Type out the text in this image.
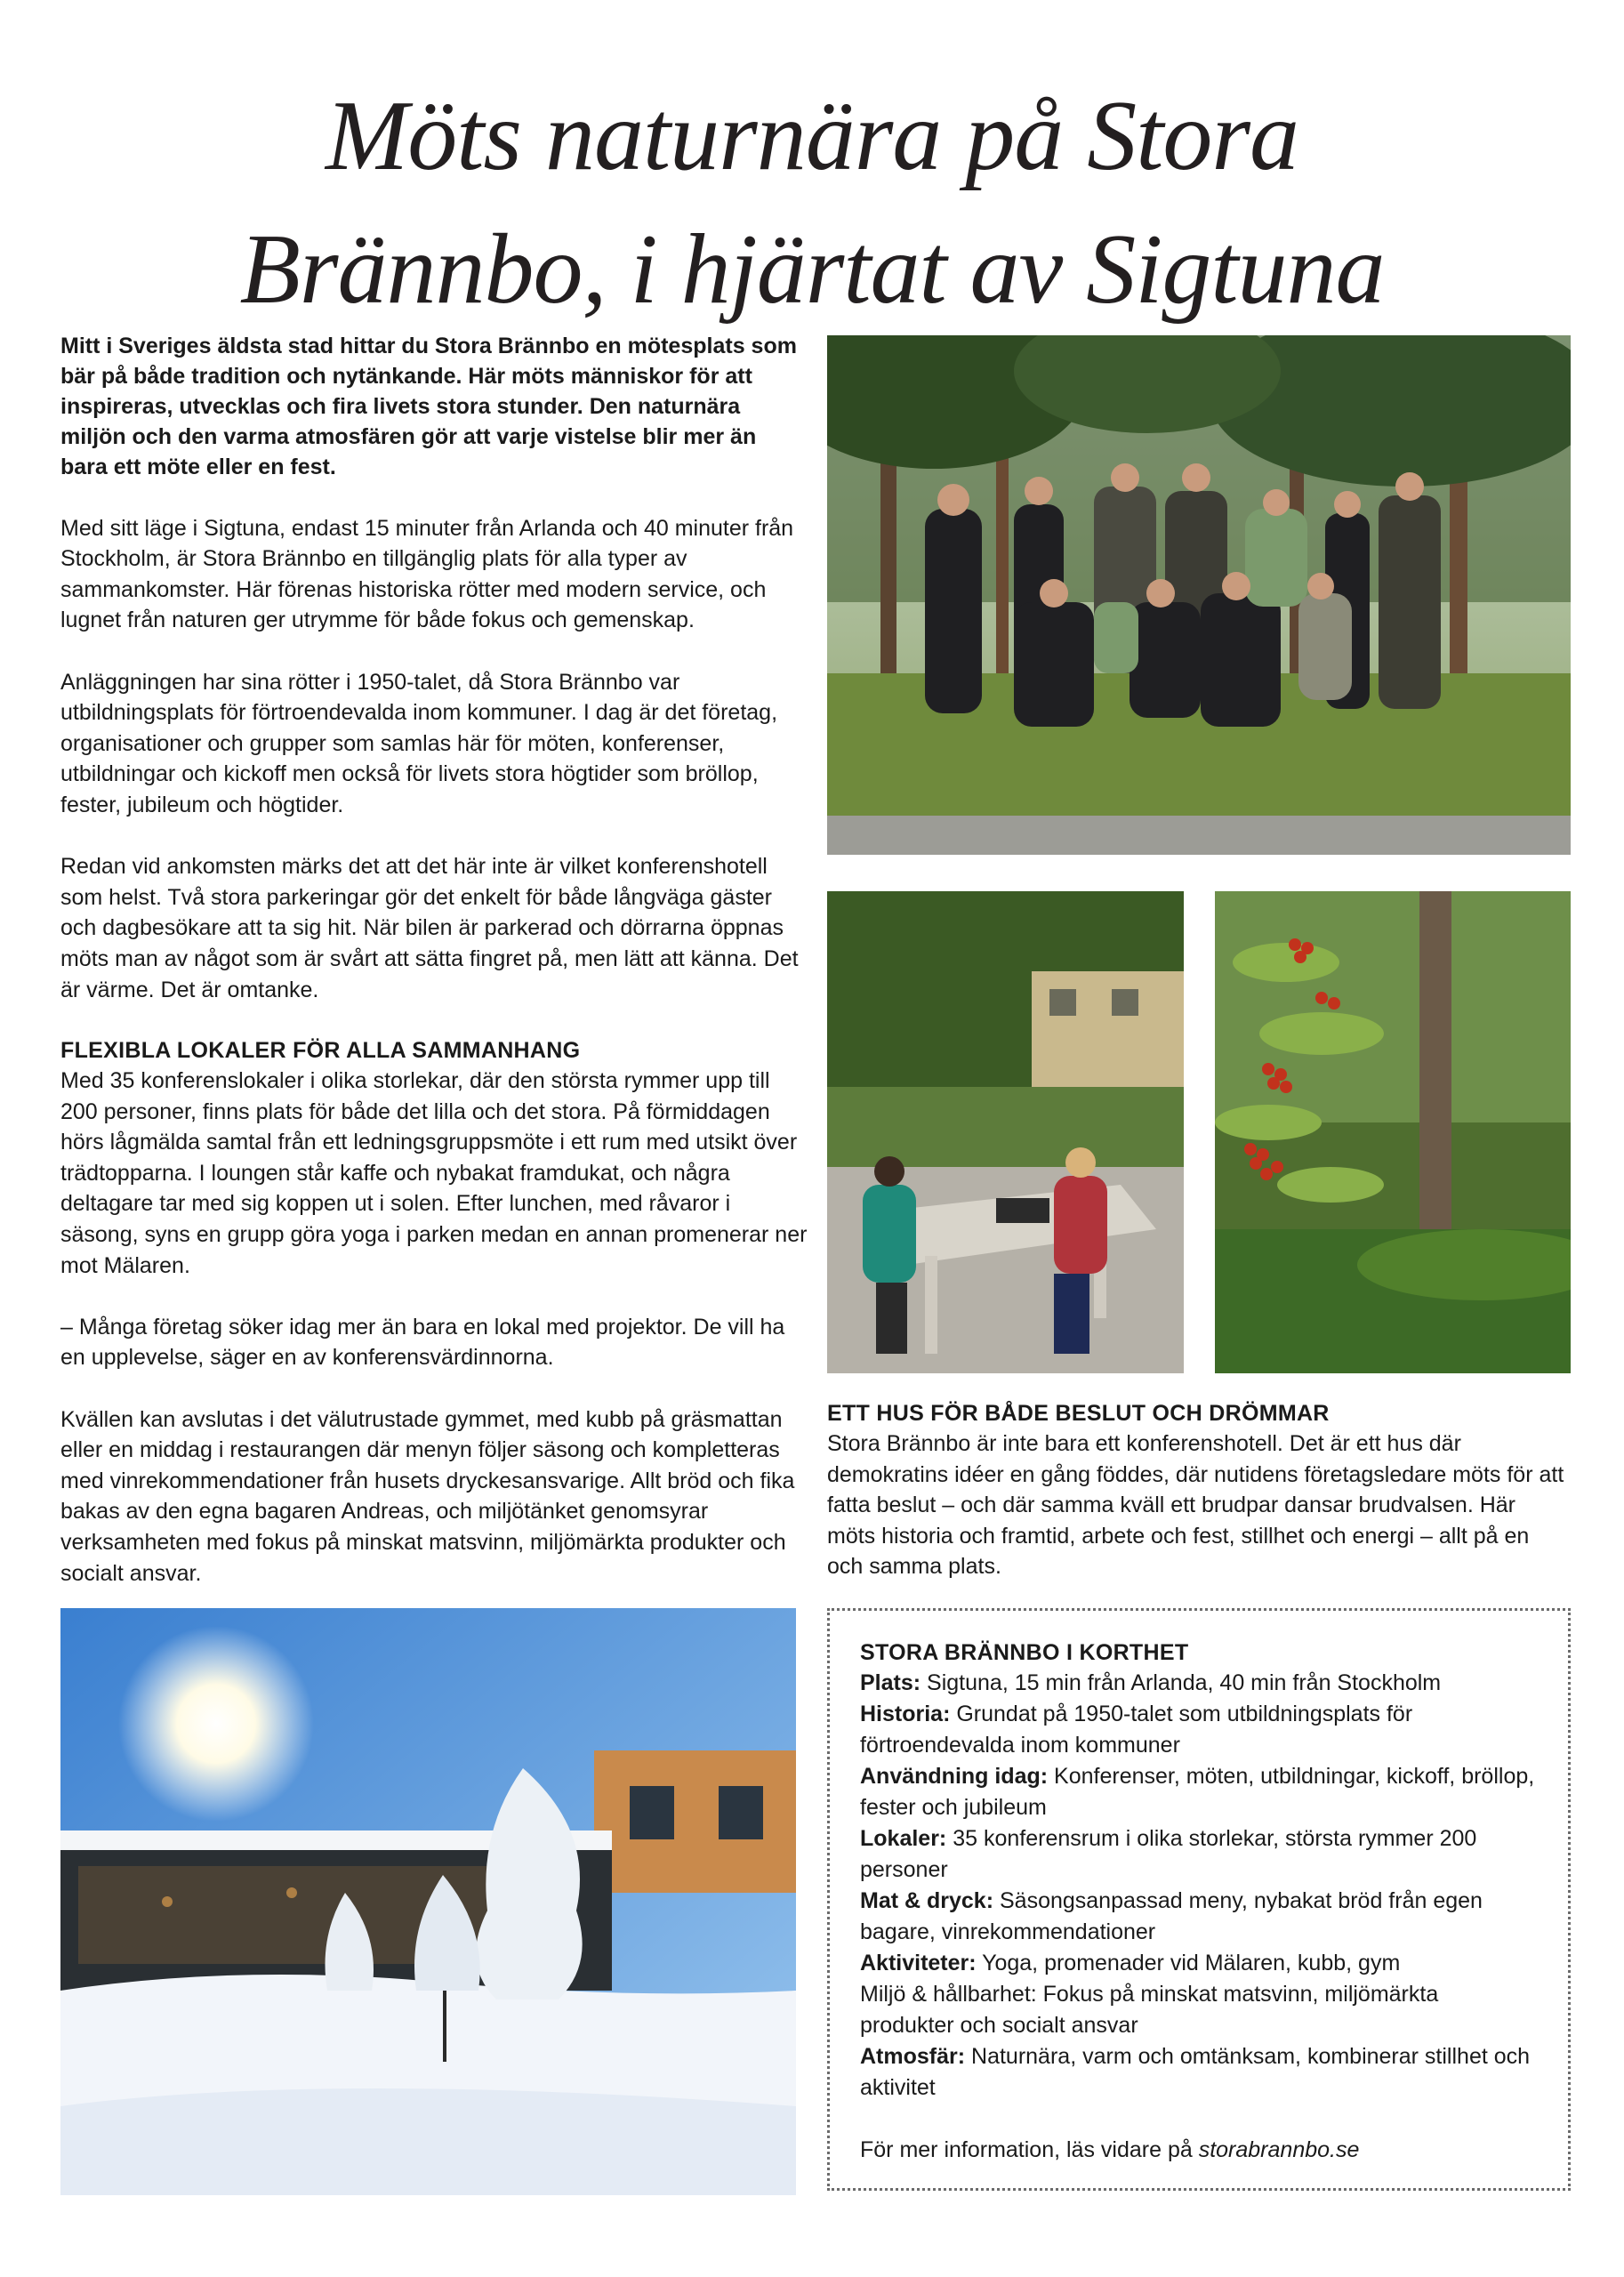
Möts naturnära på Stora
Brännbo, i hjärtat av Sigtuna

Mitt i Sveriges äldsta stad hittar du Stora Brännbo en mötesplats som bär på både tradition och nytänkande. Här möts människor för att inspireras, utvecklas och fira livets stora stunder. Den naturnära miljön och den varma atmosfären gör att varje vistelse blir mer än bara ett möte eller en fest.

Med sitt läge i Sigtuna, endast 15 minuter från Arlanda och 40 minuter från Stockholm, är Stora Brännbo en tillgänglig plats för alla typer av sammankomster. Här förenas historiska rötter med modern service, och lugnet från naturen ger utrymme för både fokus och gemenskap.

Anläggningen har sina rötter i 1950-talet, då Stora Brännbo var utbildningsplats för förtroendevalda inom kommuner. I dag är det företag, organisationer och grupper som samlas här för möten, konferenser, utbildningar och kickoff men också för livets stora högtider som bröllop, fester, jubileum och högtider.

Redan vid ankomsten märks det att det här inte är vilket konferenshotell som helst. Två stora parkeringar gör det enkelt för både långväga gäster och dagbesökare att ta sig hit. När bilen är parkerad och dörrarna öppnas möts man av något som är svårt att sätta fingret på, men lätt att känna. Det är värme. Det är omtanke.

FLEXIBLA LOKALER FÖR ALLA SAMMANHANG

Med 35 konferenslokaler i olika storlekar, där den största rymmer upp till 200 personer, finns plats för både det lilla och det stora. På förmiddagen hörs lågmälda samtal från ett ledningsgruppsmöte i ett rum med utsikt över trädtopparna. I loungen står kaffe och nybakat framdukat, och några deltagare tar med sig koppen ut i solen. Efter lunchen, med råvaror i säsong, syns en grupp göra yoga i parken medan en annan promenerar ner mot Mälaren.

– Många företag söker idag mer än bara en lokal med projektor. De vill ha en upplevelse, säger en av konferensvärdinnorna.

Kvällen kan avslutas i det välutrustade gymmet, med kubb på gräsmattan eller en middag i restaurangen där menyn följer säsong och kompletteras med vinrekommendationer från husets dryckesansvarige. Allt bröd och fika bakas av den egna bagaren Andreas, och miljötänket genomsyrar verksamheten med fokus på minskat matsvinn, miljömärkta produkter och socialt ansvar.

ETT HUS FÖR BÅDE BESLUT OCH DRÖMMAR

Stora Brännbo är inte bara ett konferenshotell. Det är ett hus där demokratins idéer en gång föddes, där nutidens företagsledare möts för att fatta beslut – och där samma kväll ett brudpar dansar brudvalsen. Här möts historia och framtid, arbete och fest, stillhet och energi – allt på en och samma plats.

STORA BRÄNNBO I KORTHET

Plats: Sigtuna, 15 min från Arlanda, 40 min från Stockholm

Historia: Grundat på 1950-talet som utbildningsplats för förtroendevalda inom kommuner

Användning idag: Konferenser, möten, utbildningar, kickoff, bröllop, fester och jubileum

Lokaler: 35 konferensrum i olika storlekar, största rymmer 200 personer

Mat & dryck: Säsongsanpassad meny, nybakat bröd från egen bagare, vinrekommendationer

Aktiviteter: Yoga, promenader vid Mälaren, kubb, gym

Miljö & hållbarhet: Fokus på minskat matsvinn, miljömärkta produkter och socialt ansvar

Atmosfär: Naturnära, varm och omtänksam, kombinerar stillhet och aktivitet

För mer information, läs vidare på storabrannbo.se
